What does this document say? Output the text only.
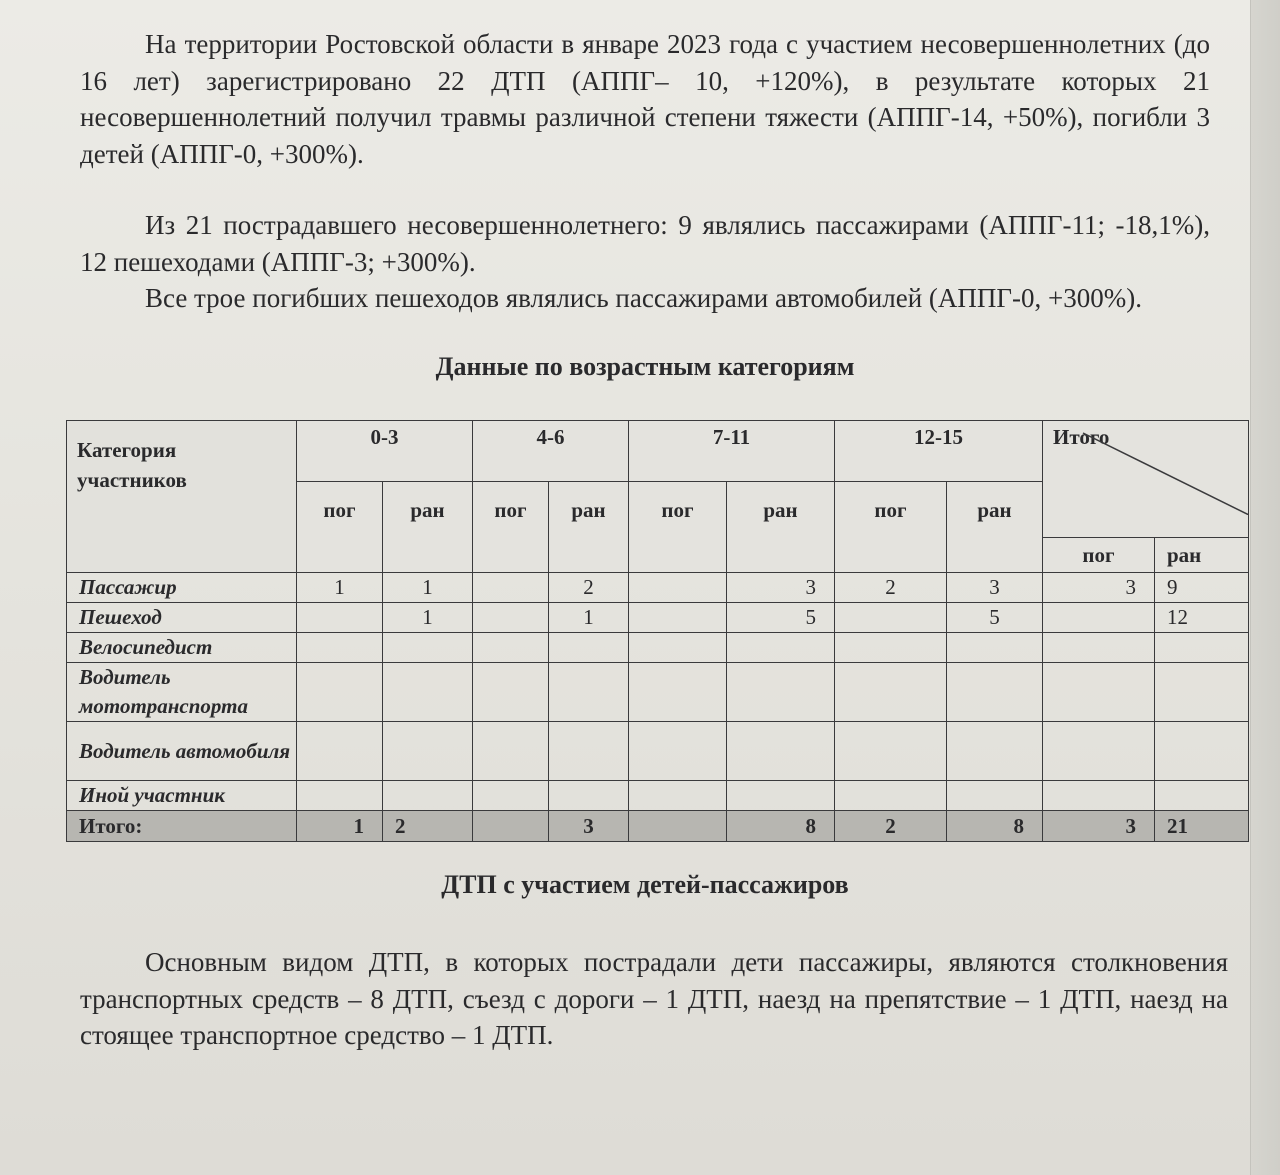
На территории Ростовской области в январе 2023 года с участием несовершеннолетних (до 16 лет) зарегистрировано 22 ДТП (АППГ– 10, +120%), в результате которых 21 несовершеннолетний получил травмы различной степени тяжести (АППГ-14, +50%), погибли 3 детей (АППГ-0, +300%).

Из 21 пострадавшего несовершеннолетнего: 9 являлись пассажирами (АППГ-11; -18,1%), 12 пешеходами (АППГ-3; +300%).

Все трое погибших пешеходов являлись пассажирами автомобилей (АППГ-0, +300%).

Данные по возрастным категориям
Категория участников	0-3		4-6		7-11		12-15		Итого	

	пог	ран	пог	ран	пог	ран	пог	ран		
									пог	ран
Пассажир	1	1		2		3	2	3	3	9
Пешеход		1		1		5		5		12
Велосипедист										
Водитель мототранспорта										
Водитель автомобиля										
Иной участник										
Итого:	1	2		3		8	2	8	3	21
ДТП с участием детей-пассажиров

Основным видом ДТП, в которых пострадали дети пассажиры, являются столкновения транспортных средств – 8 ДТП, съезд с дороги – 1 ДТП, наезд на препятствие – 1 ДТП, наезд на стоящее транспортное средство – 1 ДТП.
